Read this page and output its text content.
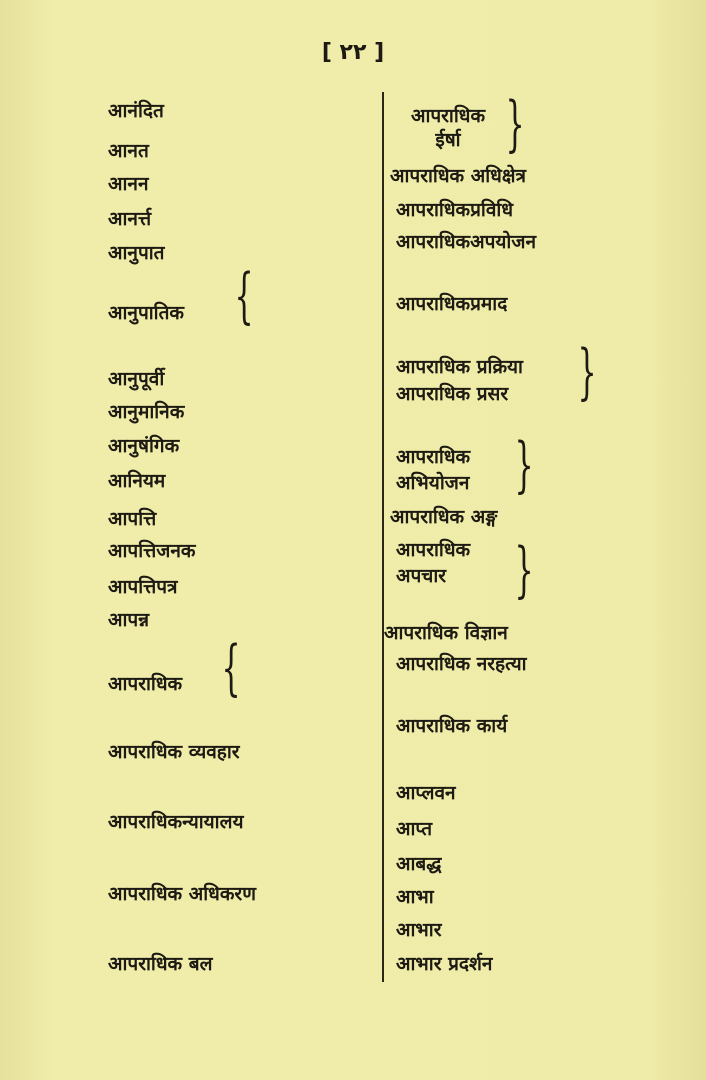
[ ۲۲ ]
आनंदित
आनत
आनन
आनर्त्त
आनुपात
आनुपातिक {
आनुपूर्वी
आनुमानिक
आनुषंगिक
आनियम
आपत्ति
आपत्तिजनक
आपत्तिपत्र
आपन्न
आपराधिक {
आपराधिक व्यवहार
आपराधिकन्यायालय
आपराधिक अधिकरण
आपराधिक बल
आपराधिक ईर्षा }
आपराधिक अधिक्षेत्र
आपराधिकप्रविधि
आपराधिकअपयोजन
आपराधिकप्रमाद
आपराधिक प्रक्रिया
आपराधिक प्रसर }
आपराधिक अभियोजन }
आपराधिक अङ्ग
आपराधिक अपचार	}
आपराधिक विज्ञान
आपराधिक नरहत्या
आपराधिक कार्य
आप्लवन
आप्त
आबद्ध
आभा
आभार
आभार प्रदर्शन
